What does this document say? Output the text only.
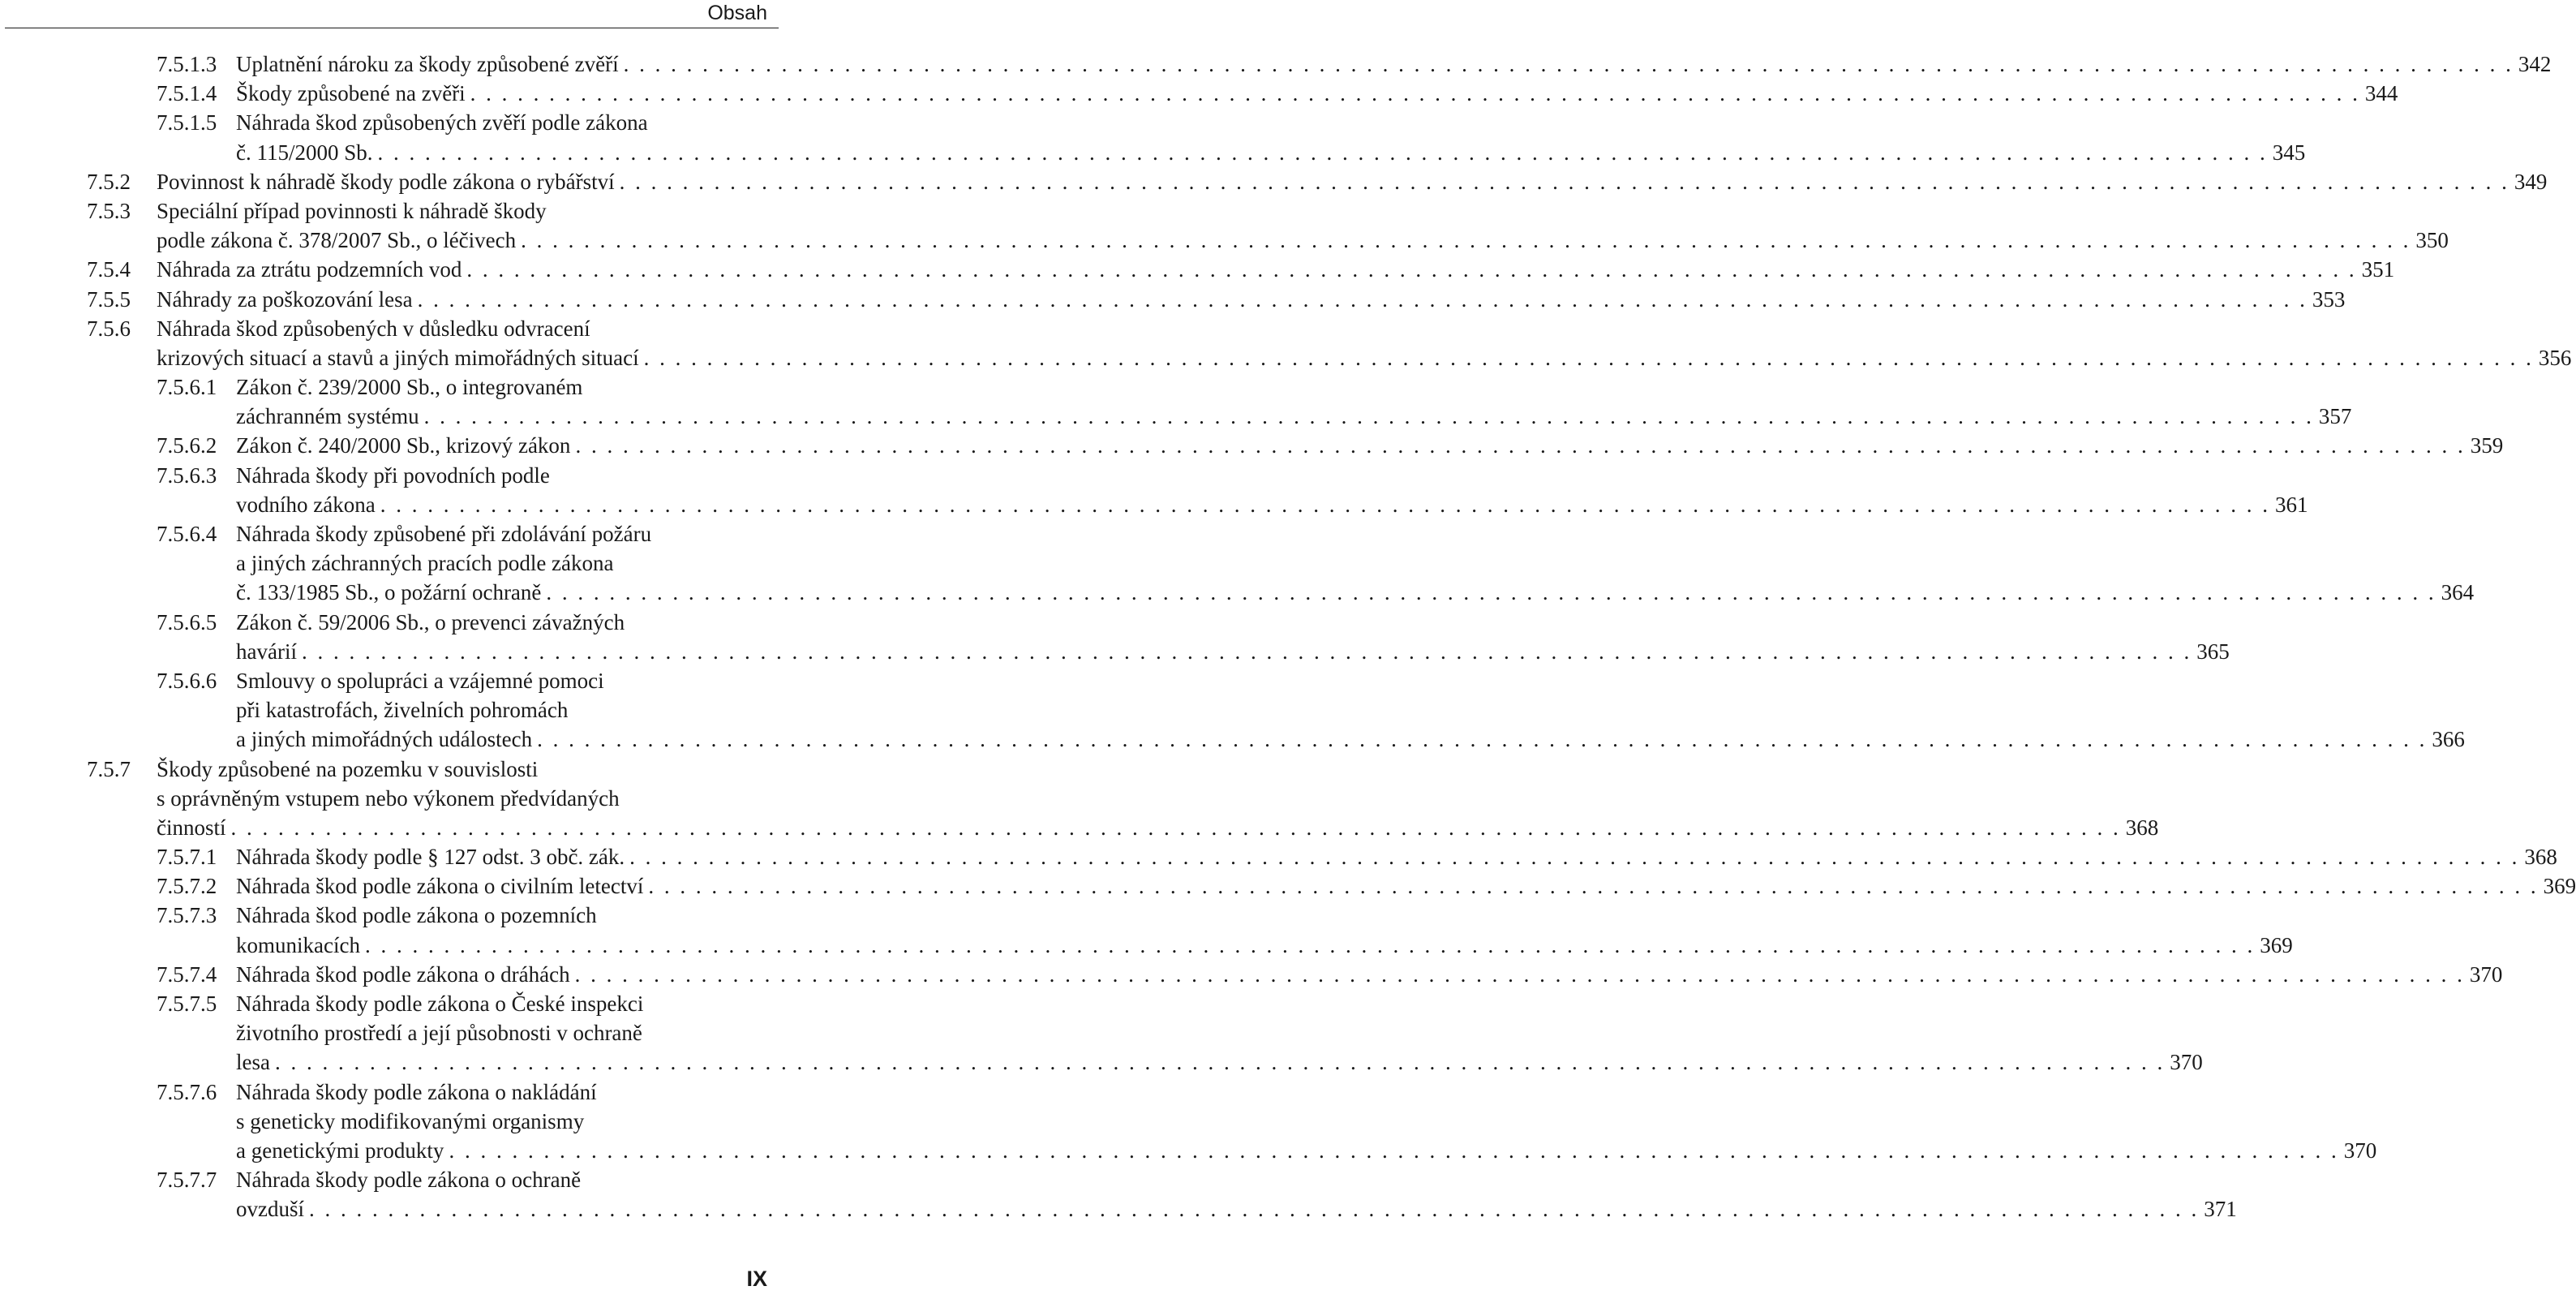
Obsah
7.5.1.3 Uplatnění nároku za škody způsobené zvěří . . . . . . . . . . . . . . . . . . . . . . . . . . . . . . . . . . . . . . . . . . . . . . . . . . . . . . . . . . . . . . . . . . . . . . . . . . . . . . . . . . . . . . . . . . . . . . . . . . . . . . . . . . . . . . . . . . . . . . . . 342
7.5.1.4 Škody způsobené na zvěři . . . . . . . . . . . . . . . . . . . . . . . . . . . . . . . . . . . . . . . . . . . . . . . . . . . . . . . . . . . . . . . . . . . . . . . . . . . . . . . . . . . . . . . . . . . . . . . . . . . . . . . . . . . . . . . . . . . . . . . . 344
7.5.1.5 Náhrada škod způsobených zvěří podle zákona
č. 115/2000 Sb. . . . . . . . . . . . . . . . . . . . . . . . . . . . . . . . . . . . . . . . . . . . . . . . . . . . . . . . . . . . . . . . . . . . . . . . . . . . . . . . . . . . . . . . . . . . . . . . . . . . . . . . . . . . . . . . . . . . . . . . . 345
7.5.2 Povinnost k náhradě škody podle zákona o rybářství . . . . . . . . . . . . . . . . . . . . . . . . . . . . . . . . . . . . . . . . . . . . . . . . . . . . . . . . . . . . . . . . . . . . . . . . . . . . . . . . . . . . . . . . . . . . . . . . . . . . . . . . . . . . . . . . . . . . . . . . 349
7.5.3 Speciální případ povinnosti k náhradě škody
podle zákona č. 378/2007 Sb., o léčivech . . . . . . . . . . . . . . . . . . . . . . . . . . . . . . . . . . . . . . . . . . . . . . . . . . . . . . . . . . . . . . . . . . . . . . . . . . . . . . . . . . . . . . . . . . . . . . . . . . . . . . . . . . . . . . . . . . . . . . . . 350
7.5.4 Náhrada za ztrátu podzemních vod . . . . . . . . . . . . . . . . . . . . . . . . . . . . . . . . . . . . . . . . . . . . . . . . . . . . . . . . . . . . . . . . . . . . . . . . . . . . . . . . . . . . . . . . . . . . . . . . . . . . . . . . . . . . . . . . . . . . . . . . 351
7.5.5 Náhrady za poškozování lesa . . . . . . . . . . . . . . . . . . . . . . . . . . . . . . . . . . . . . . . . . . . . . . . . . . . . . . . . . . . . . . . . . . . . . . . . . . . . . . . . . . . . . . . . . . . . . . . . . . . . . . . . . . . . . . . . . . . . . . . . 353
7.5.6 Náhrada škod způsobených v důsledku odvracení
krizových situací a stavů a jiných mimořádných situací . . . . . . . . . . . . . . . . . . . . . . . . . . . . . . . . . . . . . . . . . . . . . . . . . . . . . . . . . . . . . . . . . . . . . . . . . . . . . . . . . . . . . . . . . . . . . . . . . . . . . . . . . . . . . . . . . . . . . . . . 356
7.5.6.1 Zákon č. 239/2000 Sb., o integrovaném
záchranném systému . . . . . . . . . . . . . . . . . . . . . . . . . . . . . . . . . . . . . . . . . . . . . . . . . . . . . . . . . . . . . . . . . . . . . . . . . . . . . . . . . . . . . . . . . . . . . . . . . . . . . . . . . . . . . . . . . . . . . . . . 357
7.5.6.2 Zákon č. 240/2000 Sb., krizový zákon . . . . . . . . . . . . . . . . . . . . . . . . . . . . . . . . . . . . . . . . . . . . . . . . . . . . . . . . . . . . . . . . . . . . . . . . . . . . . . . . . . . . . . . . . . . . . . . . . . . . . . . . . . . . . . . . . . . . . . . . 359
7.5.6.3 Náhrada škody při povodních podle
vodního zákona . . . . . . . . . . . . . . . . . . . . . . . . . . . . . . . . . . . . . . . . . . . . . . . . . . . . . . . . . . . . . . . . . . . . . . . . . . . . . . . . . . . . . . . . . . . . . . . . . . . . . . . . . . . . . . . . . . . . . . . . 361
7.5.6.4 Náhrada škody způsobené při zdolávání požáru
a jiných záchranných pracích podle zákona
č. 133/1985 Sb., o požární ochraně . . . . . . . . . . . . . . . . . . . . . . . . . . . . . . . . . . . . . . . . . . . . . . . . . . . . . . . . . . . . . . . . . . . . . . . . . . . . . . . . . . . . . . . . . . . . . . . . . . . . . . . . . . . . . . . . . . . . . . . . 364
7.5.6.5 Zákon č. 59/2006 Sb., o prevenci závažných
havárií . . . . . . . . . . . . . . . . . . . . . . . . . . . . . . . . . . . . . . . . . . . . . . . . . . . . . . . . . . . . . . . . . . . . . . . . . . . . . . . . . . . . . . . . . . . . . . . . . . . . . . . . . . . . . . . . . . . . . . . . 365
7.5.6.6 Smlouvy o spolupráci a vzájemné pomoci
při katastrofách, živelních pohromách
a jiných mimořádných událostech . . . . . . . . . . . . . . . . . . . . . . . . . . . . . . . . . . . . . . . . . . . . . . . . . . . . . . . . . . . . . . . . . . . . . . . . . . . . . . . . . . . . . . . . . . . . . . . . . . . . . . . . . . . . . . . . . . . . . . . . 366
7.5.7 Škody způsobené na pozemku v souvislosti
s oprávněným vstupem nebo výkonem předvídaných
činností . . . . . . . . . . . . . . . . . . . . . . . . . . . . . . . . . . . . . . . . . . . . . . . . . . . . . . . . . . . . . . . . . . . . . . . . . . . . . . . . . . . . . . . . . . . . . . . . . . . . . . . . . . . . . . . . . . . . . . . . 368
7.5.7.1 Náhrada škody podle § 127 odst. 3 obč. zák. . . . . . . . . . . . . . . . . . . . . . . . . . . . . . . . . . . . . . . . . . . . . . . . . . . . . . . . . . . . . . . . . . . . . . . . . . . . . . . . . . . . . . . . . . . . . . . . . . . . . . . . . . . . . . . . . . . . . . . . . 368
7.5.7.2 Náhrada škod podle zákona o civilním letectví . . . . . . . . . . . . . . . . . . . . . . . . . . . . . . . . . . . . . . . . . . . . . . . . . . . . . . . . . . . . . . . . . . . . . . . . . . . . . . . . . . . . . . . . . . . . . . . . . . . . . . . . . . . . . . . . . . . . . . . . 369
7.5.7.3 Náhrada škod podle zákona o pozemních
komunikacích . . . . . . . . . . . . . . . . . . . . . . . . . . . . . . . . . . . . . . . . . . . . . . . . . . . . . . . . . . . . . . . . . . . . . . . . . . . . . . . . . . . . . . . . . . . . . . . . . . . . . . . . . . . . . . . . . . . . . . . . 369
7.5.7.4 Náhrada škod podle zákona o dráhách . . . . . . . . . . . . . . . . . . . . . . . . . . . . . . . . . . . . . . . . . . . . . . . . . . . . . . . . . . . . . . . . . . . . . . . . . . . . . . . . . . . . . . . . . . . . . . . . . . . . . . . . . . . . . . . . . . . . . . . . 370
7.5.7.5 Náhrada škody podle zákona o České inspekci
životního prostředí a její působnosti v ochraně
lesa . . . . . . . . . . . . . . . . . . . . . . . . . . . . . . . . . . . . . . . . . . . . . . . . . . . . . . . . . . . . . . . . . . . . . . . . . . . . . . . . . . . . . . . . . . . . . . . . . . . . . . . . . . . . . . . . . . . . . . . . 370
7.5.7.6 Náhrada škody podle zákona o nakládání
s geneticky modifikovanými organismy
a genetickými produkty . . . . . . . . . . . . . . . . . . . . . . . . . . . . . . . . . . . . . . . . . . . . . . . . . . . . . . . . . . . . . . . . . . . . . . . . . . . . . . . . . . . . . . . . . . . . . . . . . . . . . . . . . . . . . . . . . . . . . . . . 370
7.5.7.7 Náhrada škody podle zákona o ochraně
ovzduší . . . . . . . . . . . . . . . . . . . . . . . . . . . . . . . . . . . . . . . . . . . . . . . . . . . . . . . . . . . . . . . . . . . . . . . . . . . . . . . . . . . . . . . . . . . . . . . . . . . . . . . . . . . . . . . . . . . . . . . . 371
IX
